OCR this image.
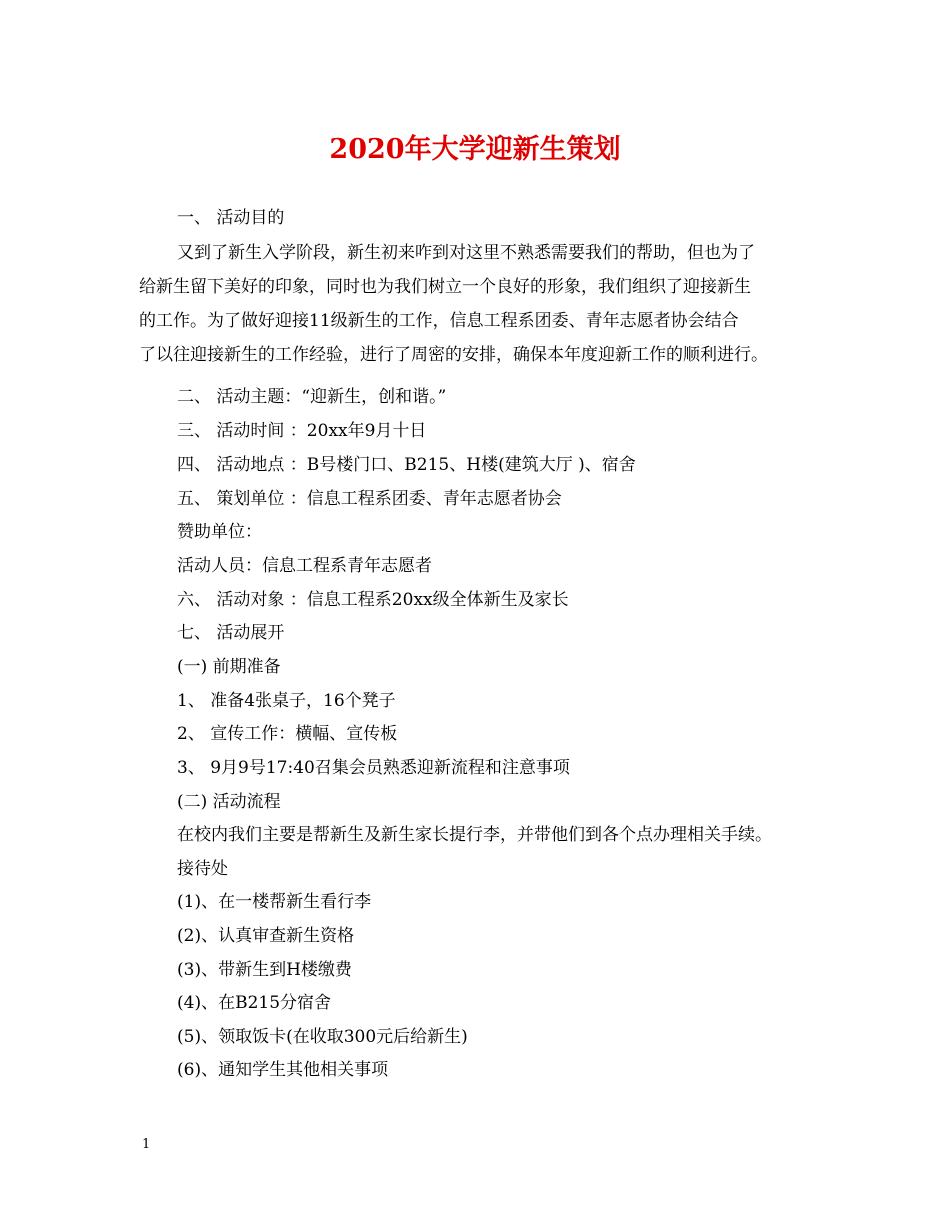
2020年大学迎新生策划
一、 活动目的
又到了新生入学阶段，新生初来咋到对这里不熟悉需要我们的帮助，但也为了
给新生留下美好的印象，同时也为我们树立一个良好的形象，我们组织了迎接新生
的工作。为了做好迎接11级新生的工作，信息工程系团委、青年志愿者协会结合
了以往迎接新生的工作经验，进行了周密的安排，确保本年度迎新工作的顺利进行。
二、 活动主题：“迎新生，创和谐。”
三、 活动时间 ：20xx年9月十日
四、 活动地点 ：B号楼门口、B215、H楼(建筑大厅 )、宿舍
五、 策划单位 ：信息工程系团委、青年志愿者协会
赞助单位：
活动人员：信息工程系青年志愿者
六、 活动对象 ：信息工程系20xx级全体新生及家长
七、 活动展开
(一) 前期准备
1、 准备4张桌子，16个凳子
2、 宣传工作：横幅、宣传板
3、 9月9号17:40召集会员熟悉迎新流程和注意事项
(二) 活动流程
在校内我们主要是帮新生及新生家长提行李，并带他们到各个点办理相关手续。
接待处
(1)、在一楼帮新生看行李
(2)、认真审查新生资格
(3)、带新生到H楼缴费
(4)、在B215分宿舍
(5)、领取饭卡(在收取300元后给新生)
(6)、通知学生其他相关事项
1
